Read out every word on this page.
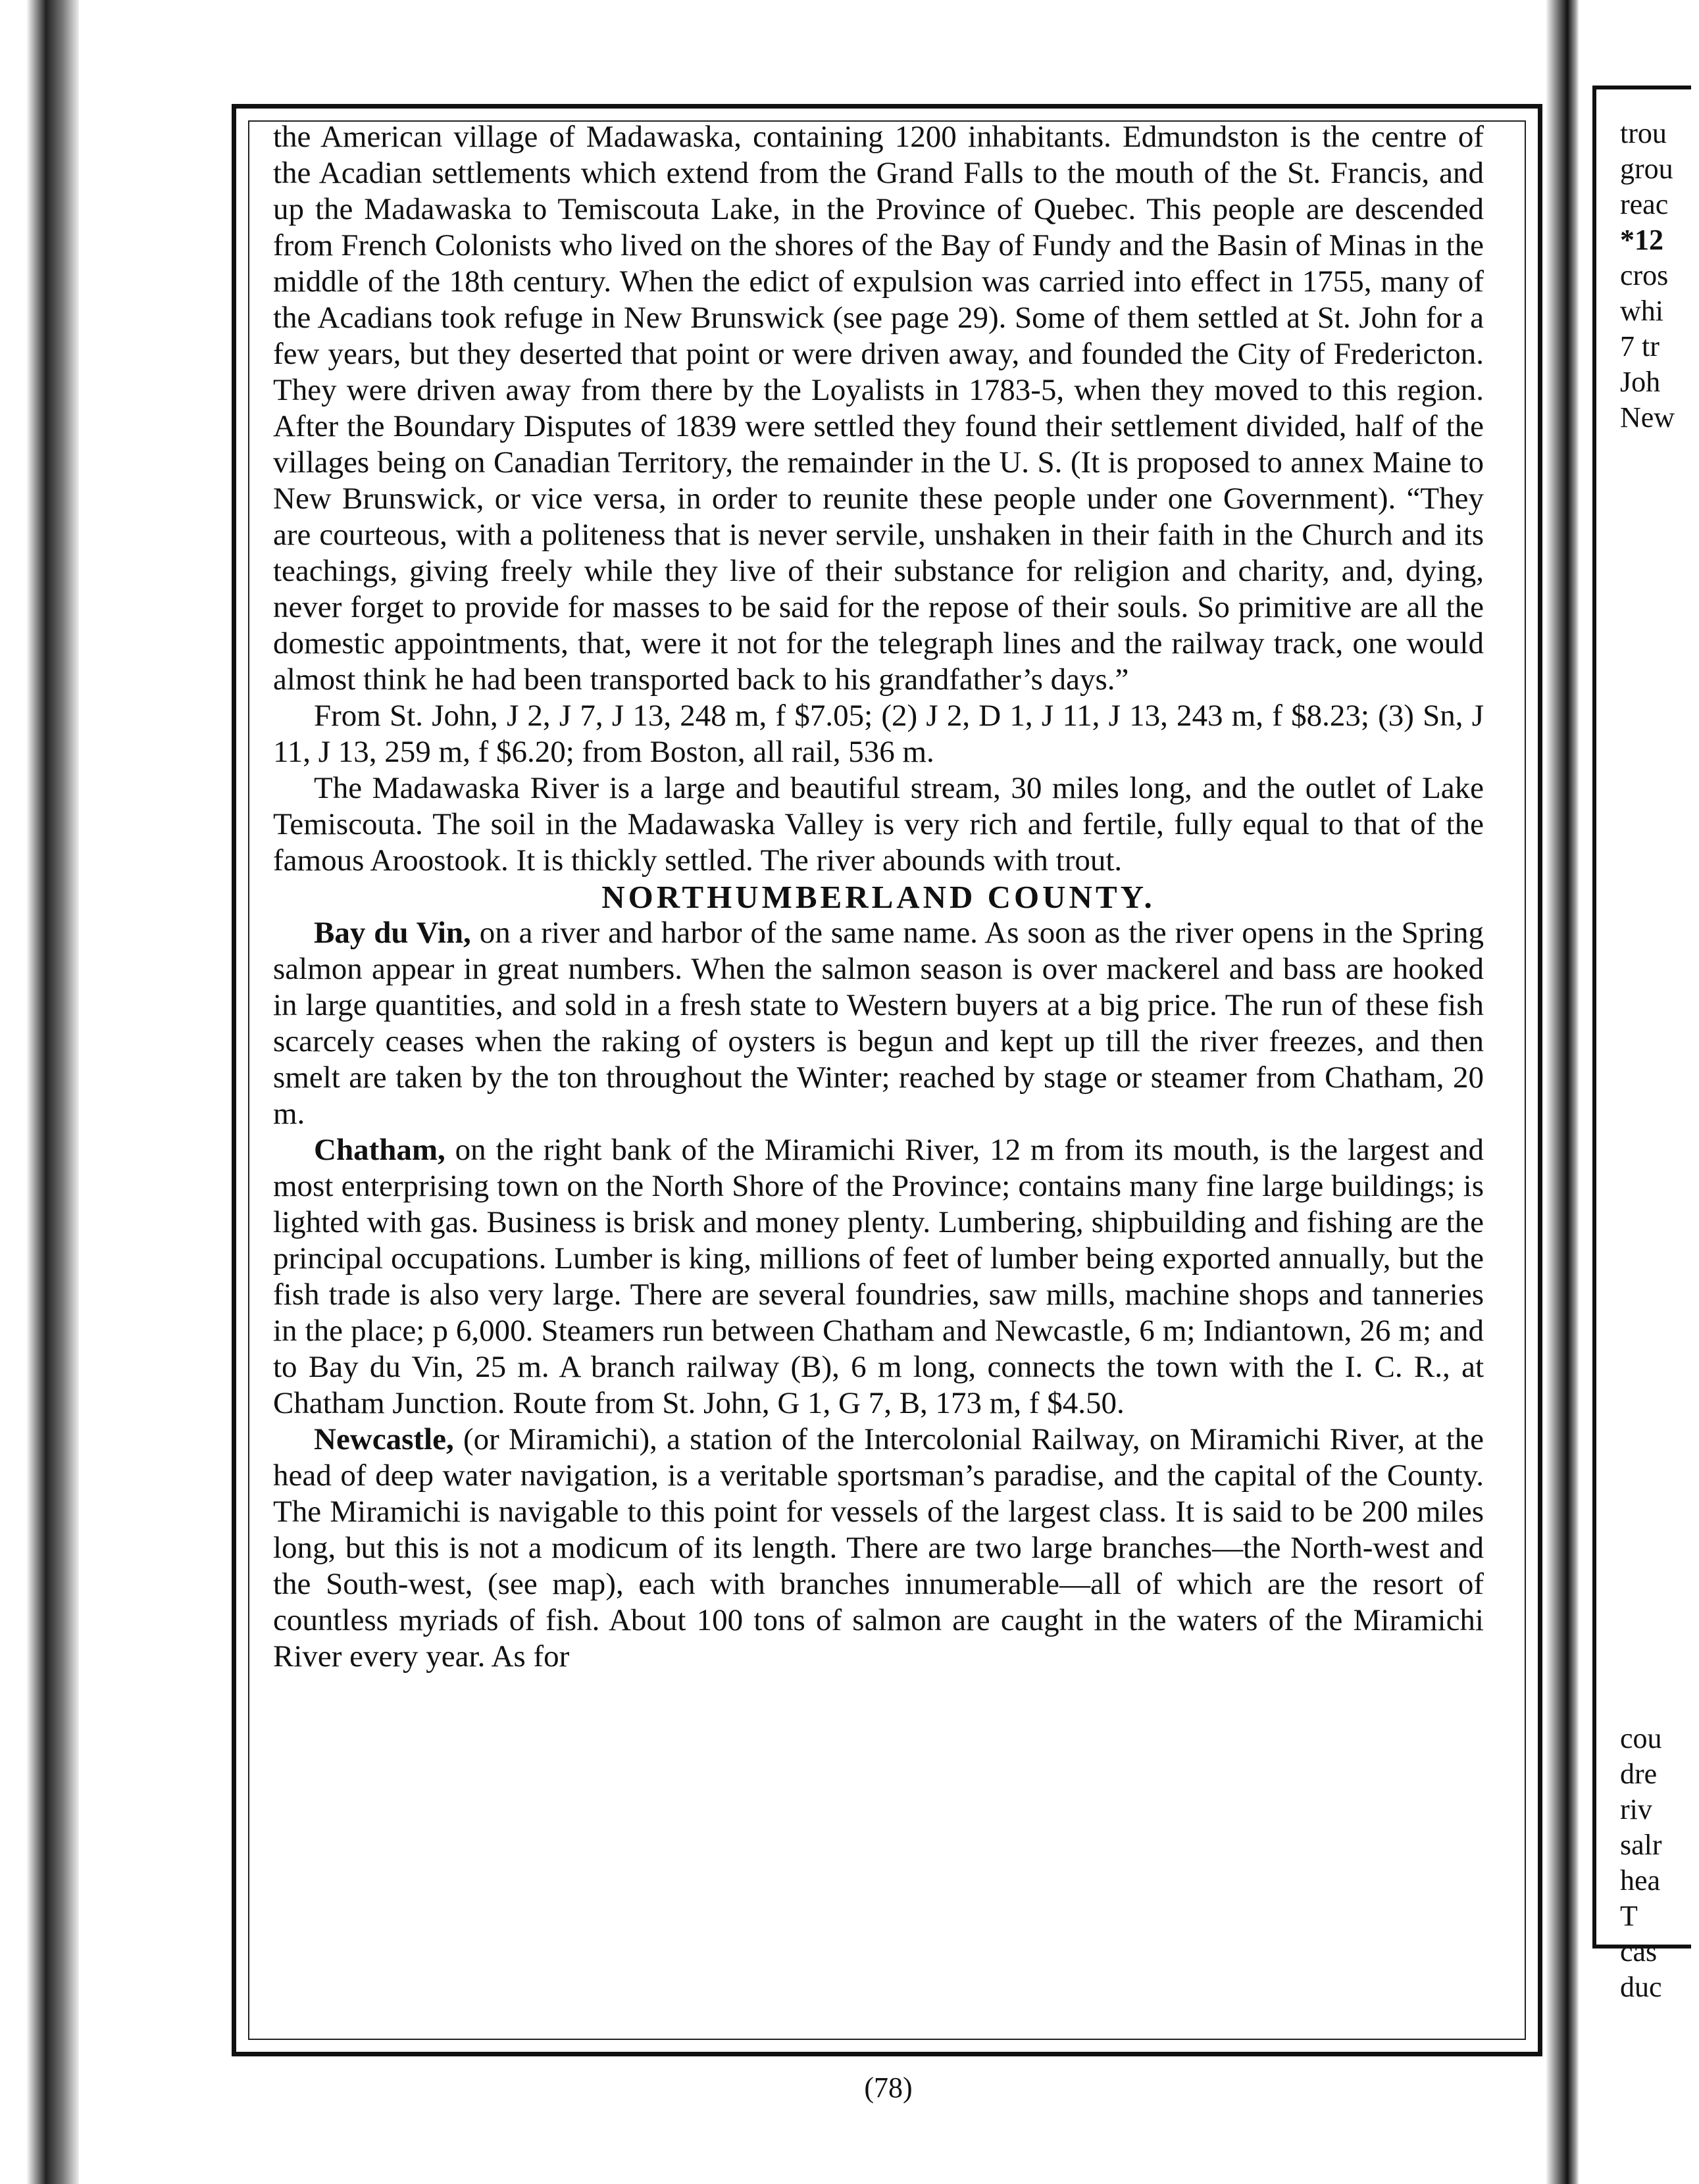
the American village of Madawaska, containing 1200 inhabitants. Edmundston is the centre of the Acadian settlements which extend from the Grand Falls to the mouth of the St. Francis, and up the Madawaska to Temiscouta Lake, in the Province of Quebec. This people are descended from French Colonists who lived on the shores of the Bay of Fundy and the Basin of Minas in the middle of the 18th century. When the edict of expulsion was carried into effect in 1755, many of the Acadians took refuge in New Brunswick (see page 29). Some of them settled at St. John for a few years, but they deserted that point or were driven away, and founded the City of Fredericton. They were driven away from there by the Loyalists in 1783-5, when they moved to this region. After the Boundary Disputes of 1839 were settled they found their settlement divided, half of the villages being on Canadian Territory, the remainder in the U. S. (It is proposed to annex Maine to New Brunswick, or vice versa, in order to reunite these people under one Government). “They are courteous, with a politeness that is never servile, unshaken in their faith in the Church and its teachings, giving freely while they live of their substance for religion and charity, and, dying, never forget to provide for masses to be said for the repose of their souls. So primitive are all the domestic appointments, that, were it not for the telegraph lines and the railway track, one would almost think he had been transported back to his grandfather’s days.”

From St. John, J 2, J 7, J 13, 248 m, f $7.05; (2) J 2, D 1, J 11, J 13, 243 m, f $8.23; (3) Sn, J 11, J 13, 259 m, f $6.20; from Boston, all rail, 536 m.

The Madawaska River is a large and beautiful stream, 30 miles long, and the outlet of Lake Temiscouta. The soil in the Madawaska Valley is very rich and fertile, fully equal to that of the famous Aroostook. It is thickly settled. The river abounds with trout.

NORTHUMBERLAND COUNTY.

Bay du Vin, on a river and harbor of the same name. As soon as the river opens in the Spring salmon appear in great numbers. When the salmon season is over mackerel and bass are hooked in large quantities, and sold in a fresh state to Western buyers at a big price. The run of these fish scarcely ceases when the raking of oysters is begun and kept up till the river freezes, and then smelt are taken by the ton throughout the Winter; reached by stage or steamer from Chatham, 20 m.

Chatham, on the right bank of the Miramichi River, 12 m from its mouth, is the largest and most enterprising town on the North Shore of the Province; contains many fine large buildings; is lighted with gas. Business is brisk and money plenty. Lumbering, shipbuilding and fishing are the principal occupations. Lumber is king, millions of feet of lumber being exported annually, but the fish trade is also very large. There are several foundries, saw mills, machine shops and tanneries in the place; p 6,000. Steamers run between Chatham and Newcastle, 6 m; Indiantown, 26 m; and to Bay du Vin, 25 m. A branch railway (B), 6 m long, connects the town with the I. C. R., at Chatham Junction. Route from St. John, G 1, G 7, B, 173 m, f $4.50.

Newcastle, (or Miramichi), a station of the Intercolonial Railway, on Miramichi River, at the head of deep water navigation, is a veritable sportsman’s paradise, and the capital of the County. The Miramichi is navigable to this point for vessels of the largest class. It is said to be 200 miles long, but this is not a modicum of its length. There are two large branches—the North-west and the South-west, (see map), each with branches innumerable—all of which are the resort of countless myriads of fish. About 100 tons of salmon are caught in the waters of the Miramichi River every year. As for

(78)
trou
grou
reac
*12
cros
whi
7 tr
Joh
New
cou
dre
riv
salr
hea
T
cas
duc
